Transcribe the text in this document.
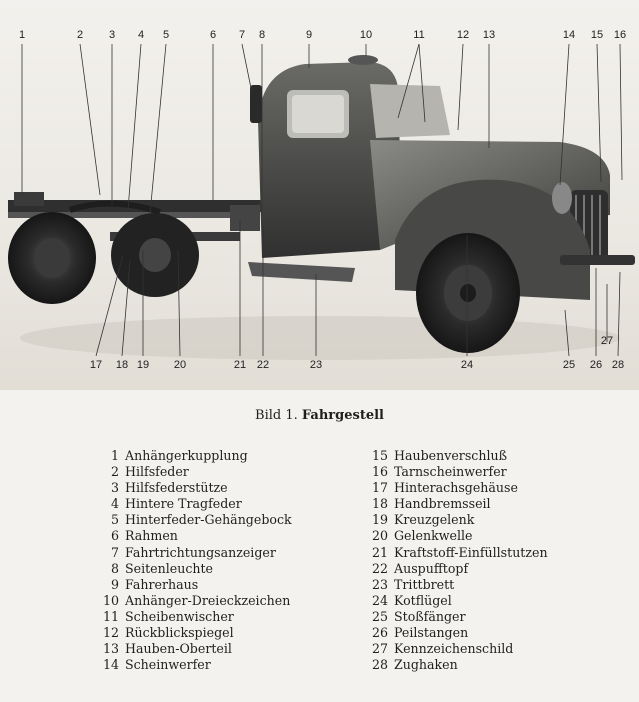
1	2 3 4 5	6 7 8	9	10	11	12 13	14 15 16
17 18 19 20	21 22	23	24	25 26
27
28
Bild 1. Fahrgestell
1 Anhängerkupplung
2 Hilfsfeder
3 Hilfsfederstütze
4 Hintere Tragfeder
5 Hinterfeder-Gehängebock
6 Rahmen
7 Fahrtrichtungsanzeiger
8 Seitenleuchte
9 Fahrerhaus
10 Anhänger-Dreieckzeichen
11 Scheibenwischer
12 Rückblickspiegel
13 Hauben-Oberteil
14 Scheinwerfer
15 Haubenverschluß
16 Tarnscheinwerfer
17 Hinterachsgehäuse
18 Handbremsseil
19 Kreuzgelenk
20 Gelenkwelle
21 Kraftstoff-Einfüllstutzen
22 Auspufftopf
23 Trittbrett
24 Kotflügel
25 Stoßfänger
26 Peilstangen
27 Kennzeichenschild
28 Zughaken
